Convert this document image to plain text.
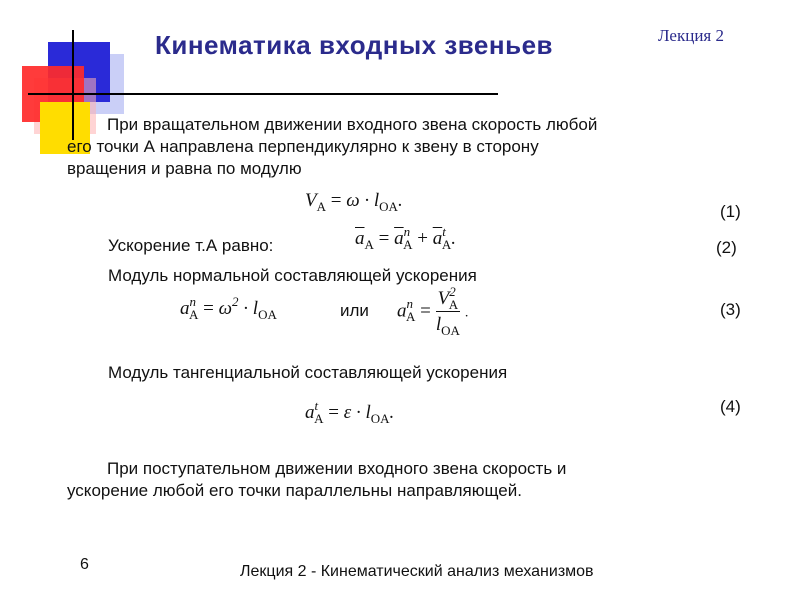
Кинематика входных звеньев	Лекция 2
При вращательном движении входного звена скорость любой
его точки А направлена перпендикулярно к звену в сторону
вращения и равна по модулю
$V_A = \omega \cdot l_{OA}$.
(1)
Ускорение т.А равно:	$\overline{a}_A = \overline{a}^n_A + \overline{a}^t_A$.	(2)
Модуль нормальной составляющей ускорения
$a^n_A = \omega^2 \cdot l_{OA}$	или $a^n_A = \frac{V^2_A}{l_{OA}}$ .	(3)
Модуль тангенциальной составляющей ускорения
$a^t_A = \varepsilon \cdot l_{OA}$.	(4)
При поступательном движении входного звена скорость и
ускорение любой его точки параллельны направляющей.
6	Лекция 2 - Кинематический анализ механизмов
